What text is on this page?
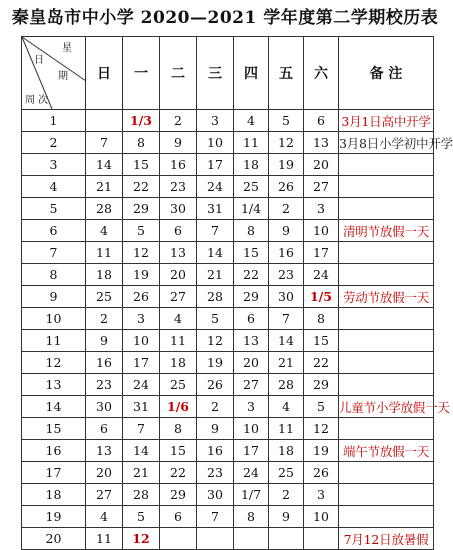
秦皇岛市中小学 2020—2021 学年度第二学期校历表
星
日
期
周 次	日	一	二	三	四	五	六	备 注
1		1/3	2	3	4	5	6	3月1日高中开学
2	7	8	9	10	11	12	13	3月8日小学初中开学
3	14	15	16	17	18	19	20	
4	21	22	23	24	25	26	27	
5	28	29	30	31	1/4	2	3	
6	4	5	6	7	8	9	10	清明节放假一天
7	11	12	13	14	15	16	17	
8	18	19	20	21	22	23	24	
9	25	26	27	28	29	30	1/5	劳动节放假一天
10	2	3	4	5	6	7	8	
11	9	10	11	12	13	14	15	
12	16	17	18	19	20	21	22	
13	23	24	25	26	27	28	29	
14	30	31	1/6	2	3	4	5	儿童节小学放假一天
15	6	7	8	9	10	11	12	
16	13	14	15	16	17	18	19	端午节放假一天
17	20	21	22	23	24	25	26	
18	27	28	29	30	1/7	2	3	
19	4	5	6	7	8	9	10	
20	11	12						7月12日放暑假
